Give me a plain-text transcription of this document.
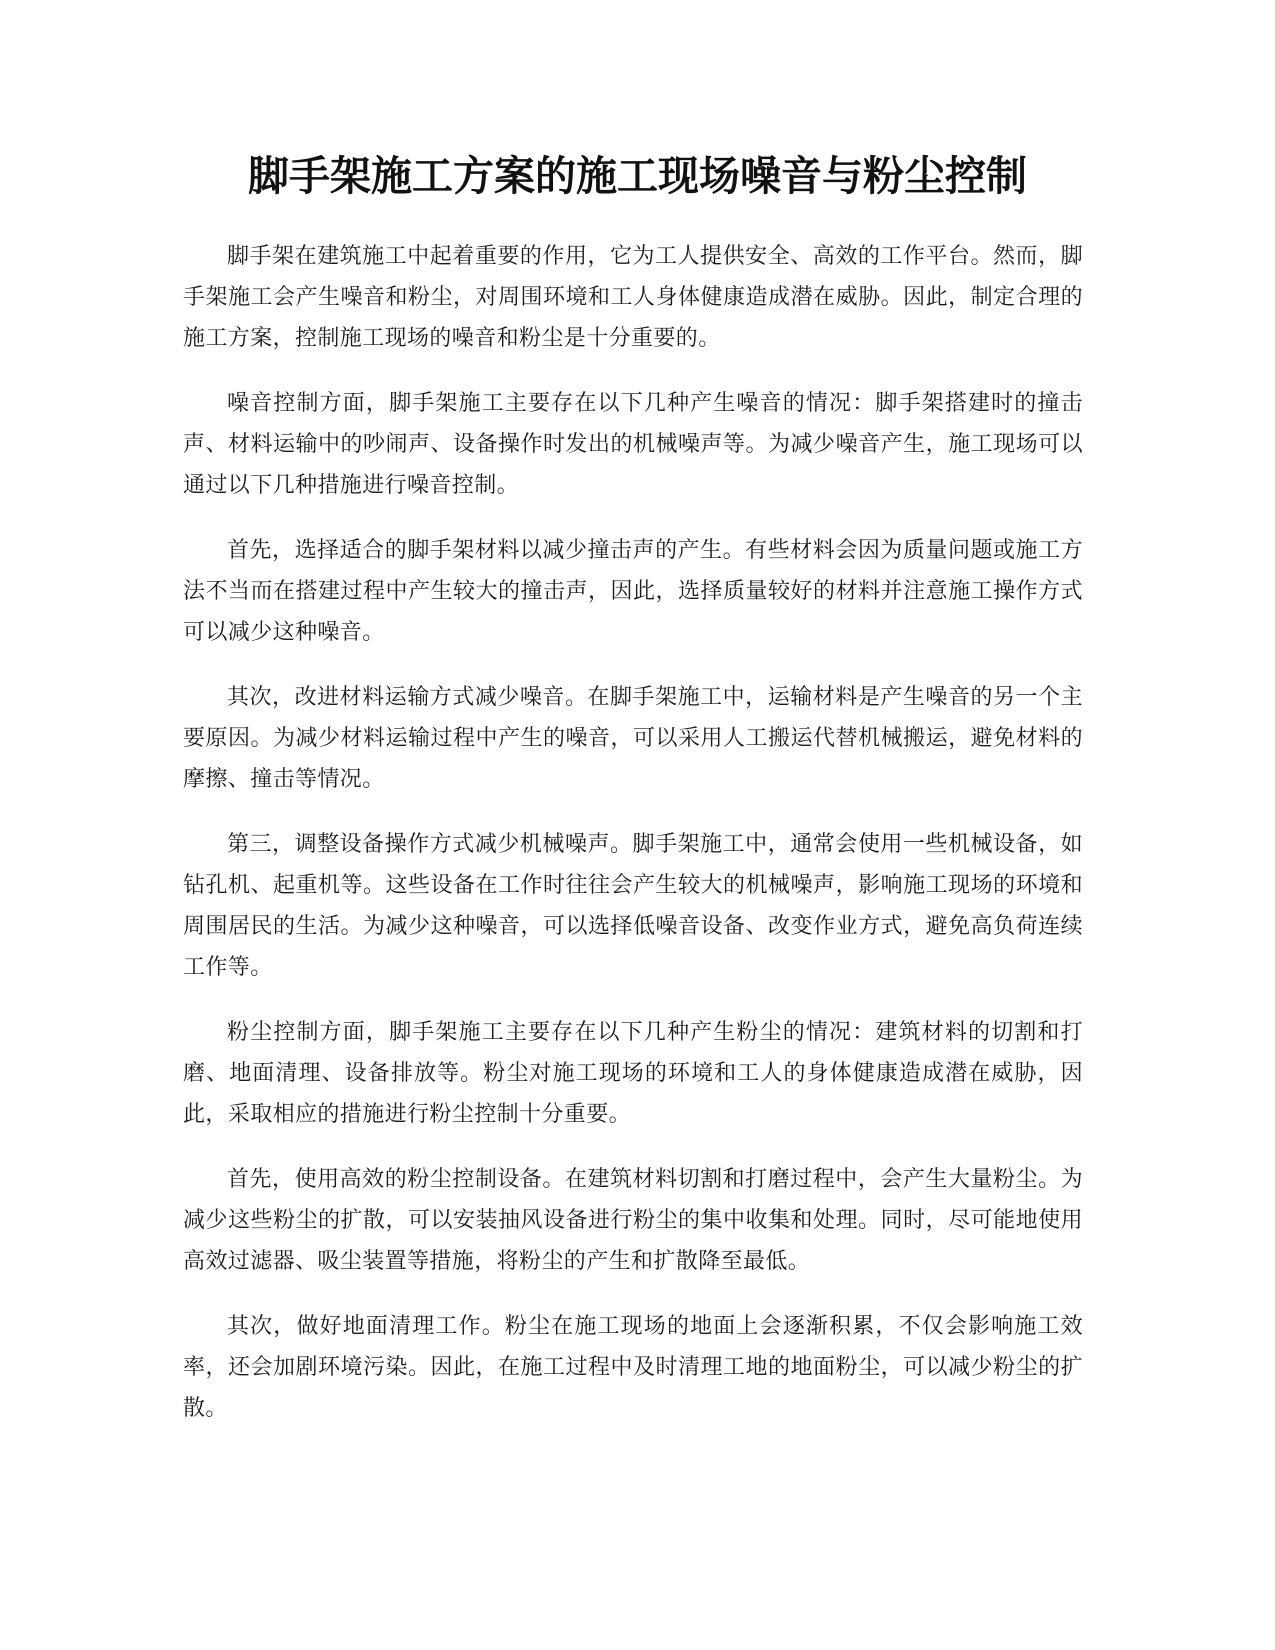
脚手架施工方案的施工现场噪音与粉尘控制

脚手架在建筑施工中起着重要的作用，它为工人提供安全、高效的工作平台。然而，脚手架施工会产生噪音和粉尘，对周围环境和工人身体健康造成潜在威胁。因此，制定合理的施工方案，控制施工现场的噪音和粉尘是十分重要的。

噪音控制方面，脚手架施工主要存在以下几种产生噪音的情况：脚手架搭建时的撞击声、材料运输中的吵闹声、设备操作时发出的机械噪声等。为减少噪音产生，施工现场可以通过以下几种措施进行噪音控制。

首先，选择适合的脚手架材料以减少撞击声的产生。有些材料会因为质量问题或施工方法不当而在搭建过程中产生较大的撞击声，因此，选择质量较好的材料并注意施工操作方式可以减少这种噪音。

其次，改进材料运输方式减少噪音。在脚手架施工中，运输材料是产生噪音的另一个主要原因。为减少材料运输过程中产生的噪音，可以采用人工搬运代替机械搬运，避免材料的摩擦、撞击等情况。

第三，调整设备操作方式减少机械噪声。脚手架施工中，通常会使用一些机械设备，如钻孔机、起重机等。这些设备在工作时往往会产生较大的机械噪声，影响施工现场的环境和周围居民的生活。为减少这种噪音，可以选择低噪音设备、改变作业方式，避免高负荷连续工作等。

粉尘控制方面，脚手架施工主要存在以下几种产生粉尘的情况：建筑材料的切割和打磨、地面清理、设备排放等。粉尘对施工现场的环境和工人的身体健康造成潜在威胁，因此，采取相应的措施进行粉尘控制十分重要。

首先，使用高效的粉尘控制设备。在建筑材料切割和打磨过程中，会产生大量粉尘。为减少这些粉尘的扩散，可以安装抽风设备进行粉尘的集中收集和处理。同时，尽可能地使用高效过滤器、吸尘装置等措施，将粉尘的产生和扩散降至最低。

其次，做好地面清理工作。粉尘在施工现场的地面上会逐渐积累，不仅会影响施工效率，还会加剧环境污染。因此，在施工过程中及时清理工地的地面粉尘，可以减少粉尘的扩散。
